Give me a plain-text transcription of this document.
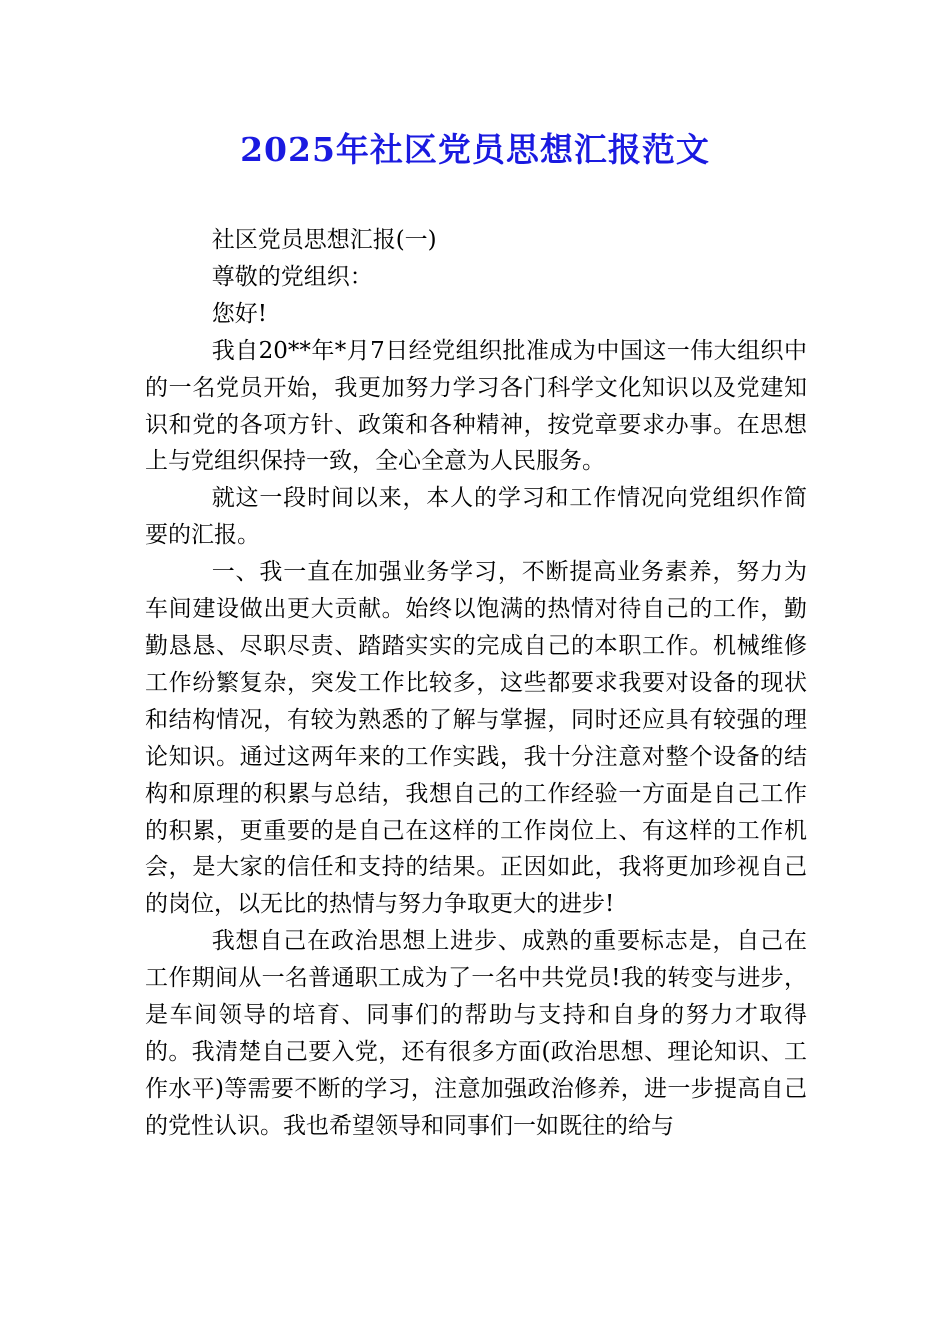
2025年社区党员思想汇报范文

社区党员思想汇报(一)

尊敬的党组织：

您好!

我自20**年*月7日经党组织批准成为中国这一伟大组织中的一名党员开始，我更加努力学习各门科学文化知识以及党建知识和党的各项方针、政策和各种精神，按党章要求办事。在思想上与党组织保持一致，全心全意为人民服务。

就这一段时间以来，本人的学习和工作情况向党组织作简要的汇报。

一、我一直在加强业务学习，不断提高业务素养，努力为车间建设做出更大贡献。始终以饱满的热情对待自己的工作，勤勤恳恳、尽职尽责、踏踏实实的完成自己的本职工作。机械维修工作纷繁复杂，突发工作比较多，这些都要求我要对设备的现状和结构情况，有较为熟悉的了解与掌握，同时还应具有较强的理论知识。通过这两年来的工作实践，我十分注意对整个设备的结构和原理的积累与总结，我想自己的工作经验一方面是自己工作的积累，更重要的是自己在这样的工作岗位上、有这样的工作机会，是大家的信任和支持的结果。正因如此，我将更加珍视自己的岗位，以无比的热情与努力争取更大的进步!

我想自己在政治思想上进步、成熟的重要标志是，自己在工作期间从一名普通职工成为了一名中共党员!我的转变与进步，是车间领导的培育、同事们的帮助与支持和自身的努力才取得的。我清楚自己要入党，还有很多方面(政治思想、理论知识、工作水平)等需要不断的学习，注意加强政治修养，进一步提高自己的党性认识。我也希望领导和同事们一如既往的给与
